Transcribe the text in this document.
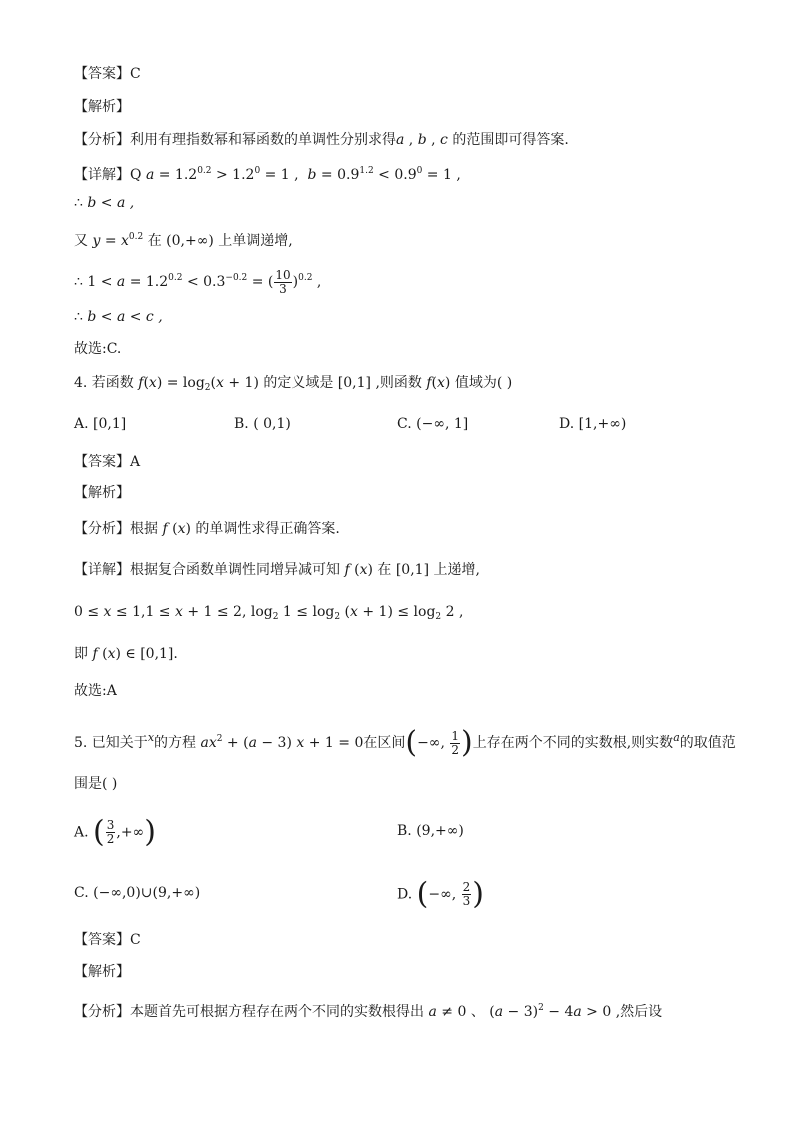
【答案】C
【解析】
【分析】利用有理指数幂和幂函数的单调性分别求得a , b , c 的范围即可得答案.
【详解】Q $a = 1.2^{0.2} > 1.2^0 = 1$ ,  $b = 0.9^{1.2} < 0.9^0 = 1$ ,
∴ b < a ,
又 $y = x^{0.2}$ 在 (0,+∞) 上单调递增,
∴ $1 < a = 1.2^{0.2} < 0.3^{-0.2}$ = ( $\frac{10}{3} )^{0.2}$ ,
∴ b < a < c ,
故选:C.
4. 若函数 $f(x) = \log_2(x + 1)$ 的定义域是 [0,1] ,则函数 f(x) 值域为( )
A. [0,1]	B. ( 0,1)	C. (−∞, 1]	D. [1,+∞)
【答案】A
【解析】
【分析】根据 f (x) 的单调性求得正确答案.
【详解】根据复合函数单调性同增异减可知 f (x) 在 [0,1] 上递增,
0 ≤ x ≤ 1,1 ≤ x + 1 ≤ 2, $\log_2 1 \le \log_2 (x + 1) \le \log_2 2$ ,
即 f (x) ∈ [0,1].
故选:A
5. 已知关于$^x$的方程 $ax^2 + (a - 3) x + 1 = 0$在区间(−∞, $\frac{1}{2}$ )上存在两个不同的实数根,则实数$^a$的取值范
围是( )
A. ( $\frac{3}{2}$ ,+∞)	B. (9,+∞)
C. (−∞,0)∪(9,+∞)	D. (−∞, $\frac{2}{3}$ )
【答案】C
【解析】
【分析】本题首先可根据方程存在两个不同的实数根得出 a ≠ 0 、 $(a - 3)^2 - 4a > 0$ ,然后设
